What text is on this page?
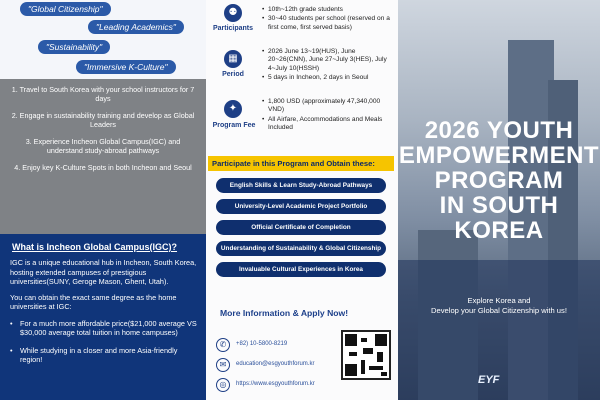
"Global Citizenship"
"Leading Academics"
"Sustainability"
"Immersive K-Culture"
1. Travel to South Korea with your school instructors for 7 days
2. Engage in sustainability training and develop as Global Leaders
3. Experience Incheon Global Campus(IGC) and understand study-abroad pathways
4. Enjoy key K-Culture Spots in both Incheon and Seoul
What is Incheon Global Campus(IGC)?

IGC is a unique educational hub in Incheon, South Korea, hosting extended campuses of prestigious universities(SUNY, Geroge Mason, Ghent, Utah).

You can obtain the exact same degree as the home universities at IGC:

• For a much more affordable price($21,000 average VS $30,000 average total tuition in home campuses)
• While studying in a closer and more Asia-friendly region!
⚉
Participants
• 10th~12th grade students
• 30~40 students per school (reserved on a first come, first served basis)
▦
Period
• 2026 June 13~19(HUS), June 20~26(CNN), June 27~July 3(HES), July 4~July 10(HSSH)
• 5 days in Incheon, 2 days in Seoul
✦
Program Fee
• 1,800 USD (approximately 47,340,000 VND)
• All Airfare, Accommodations and Meals Included
Participate in this Program and Obtain these:
English Skills & Learn Study-Abroad Pathways
University-Level Academic Project Portfolio
Official Certificate of Completion
Understanding of Sustainability & Global Citizenship
Invaluable Cultural Experiences in Korea
More Information & Apply Now!
✆	+82) 10-5800-8219
✉	education@esgyouthforum.kr
◎	https://www.esgyouthforum.kr
2026 YOUTH
EMPOWERMENT
PROGRAM
IN SOUTH KOREA
Explore Korea and
Develop your Global Citizenship with us!
EYF
